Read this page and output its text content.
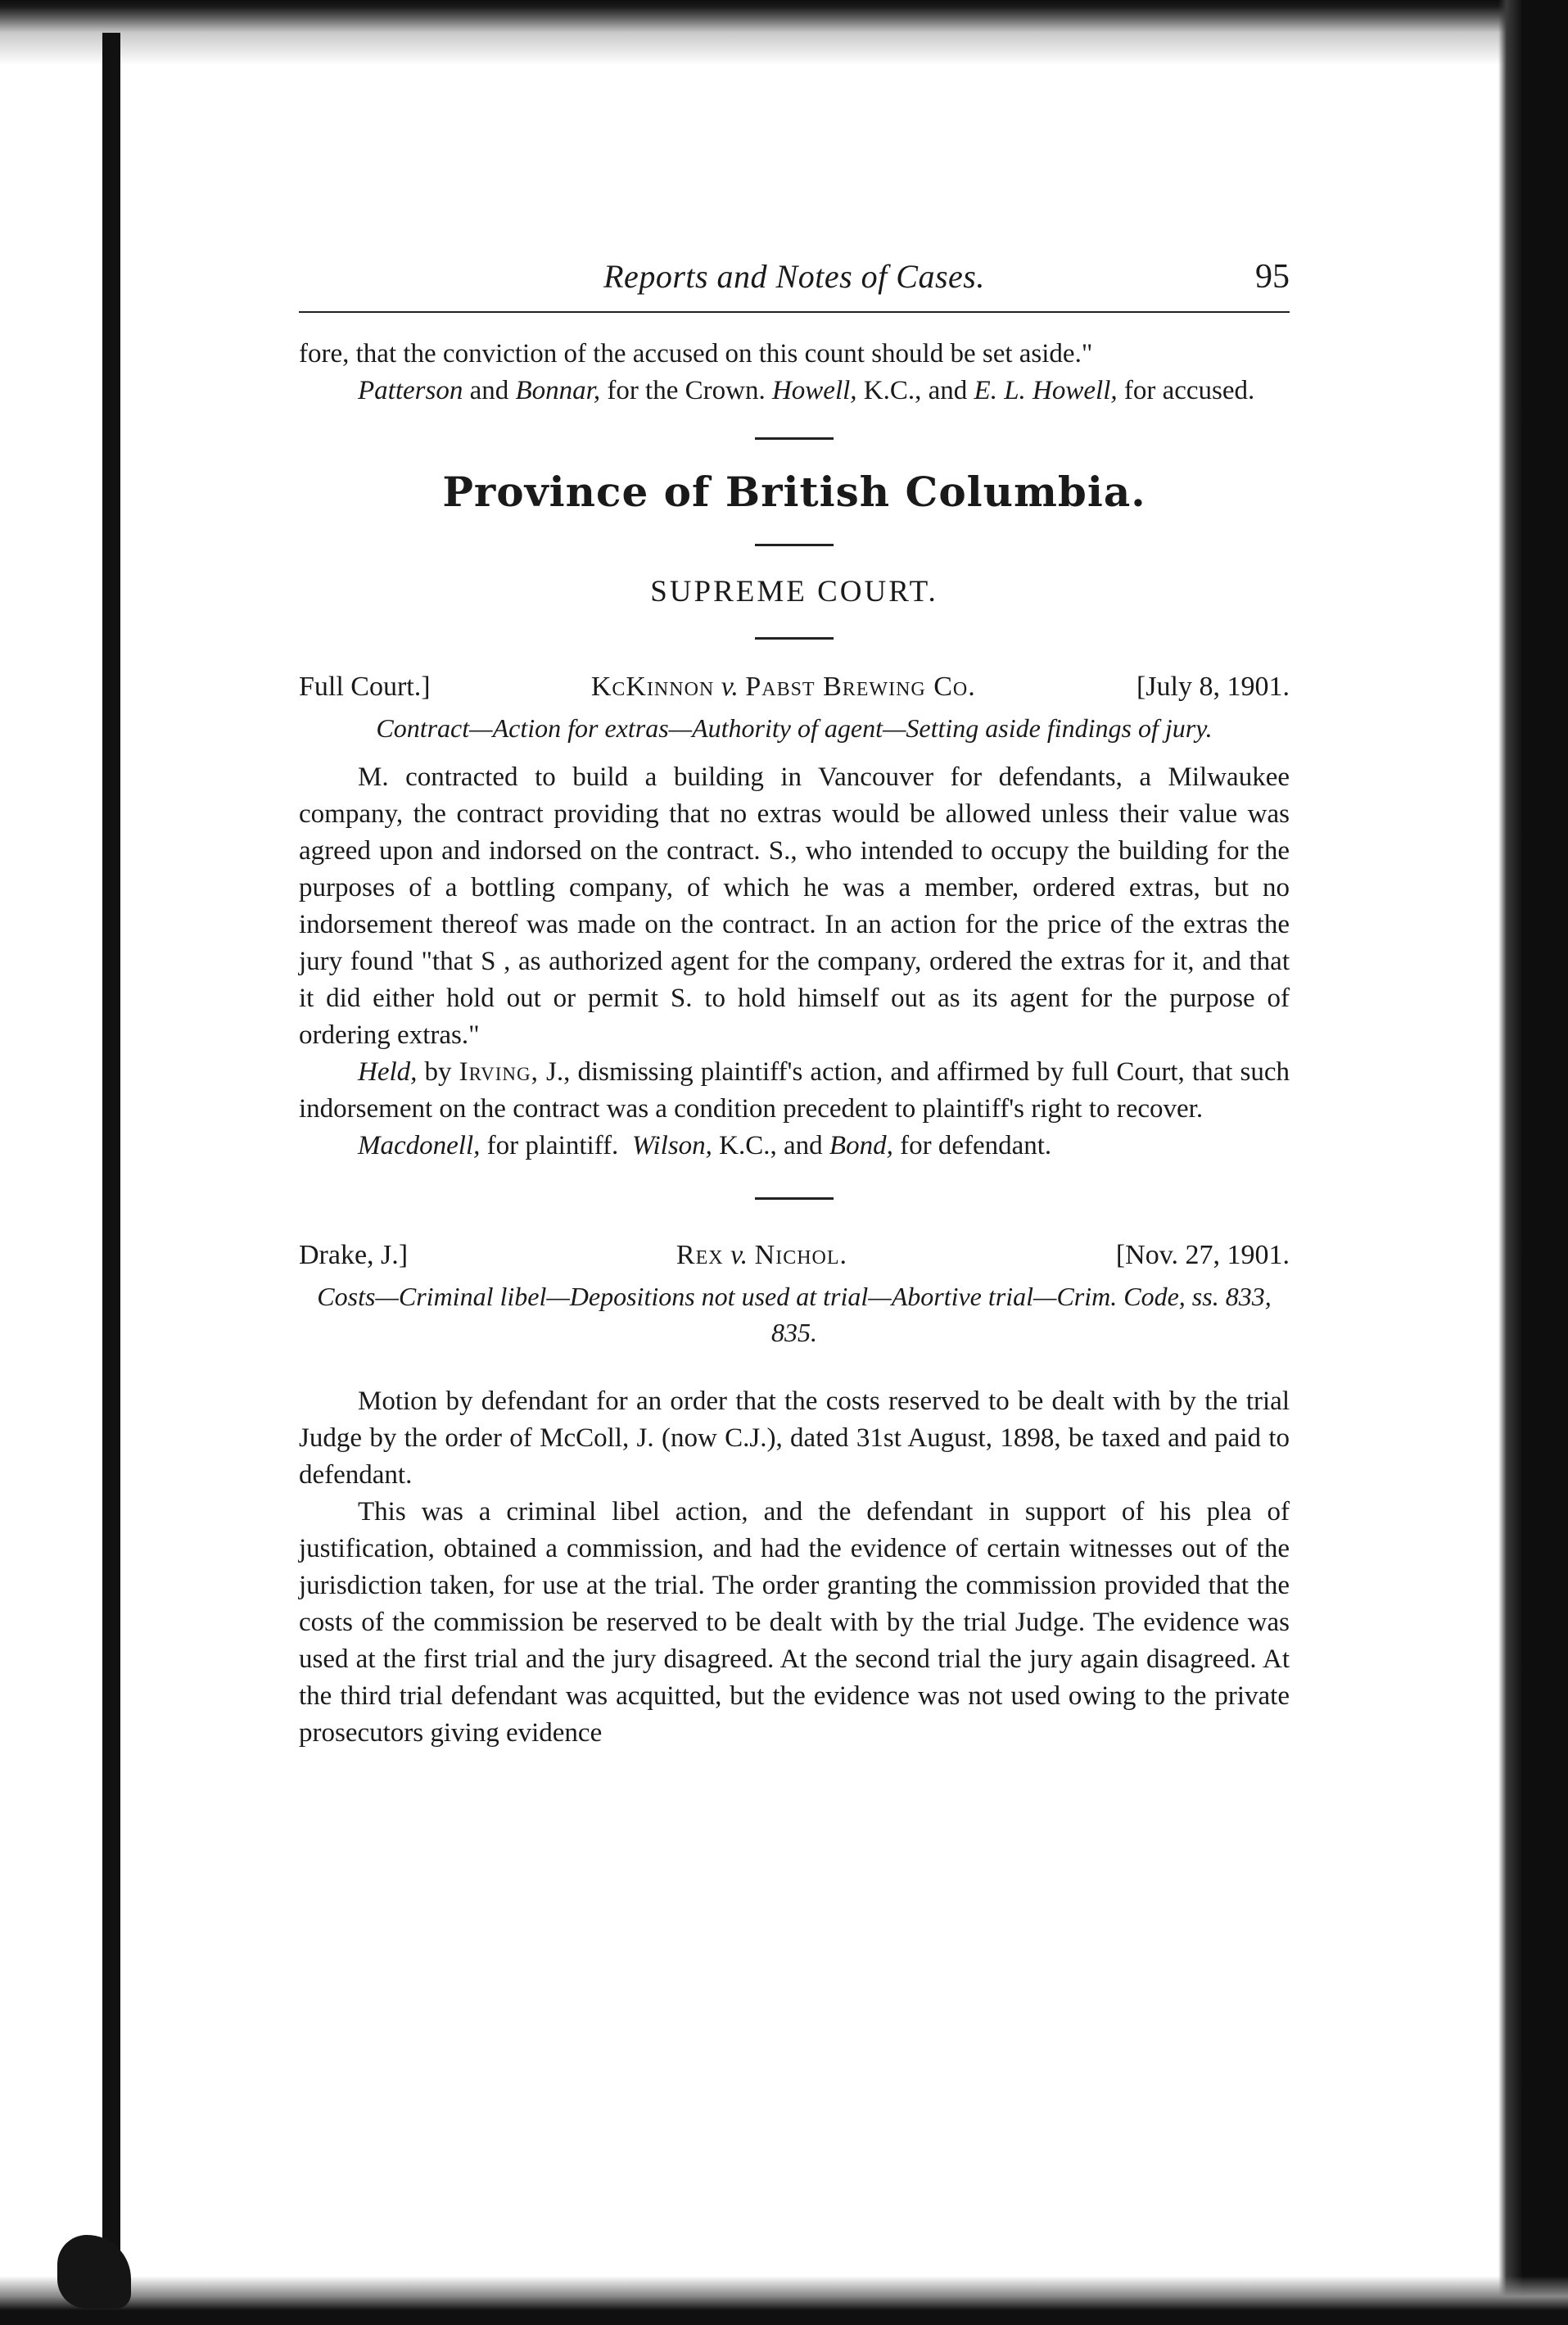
Reports and Notes of Cases.	95

fore, that the conviction of the accused on this count should be set aside."
Patterson and Bonnar, for the Crown. Howell, K.C., and E. L. Howell, for accused.

Province of British Columbia.
SUPREME COURT.
Full Court.]	KcKinnon v. Pabst Brewing Co.	[July 8, 1901.
Contract—Action for extras—Authority of agent—Setting aside findings of jury.

M. contracted to build a building in Vancouver for defendants, a Milwaukee company, the contract providing that no extras would be allowed unless their value was agreed upon and indorsed on the contract. S., who intended to occupy the building for the purposes of a bottling company, of which he was a member, ordered extras, but no indorsement thereof was made on the contract. In an action for the price of the extras the jury found "that S , as authorized agent for the company, ordered the extras for it, and that it did either hold out or permit S. to hold himself out as its agent for the purpose of ordering extras."

Held, by Irving, J., dismissing plaintiff's action, and affirmed by full Court, that such indorsement on the contract was a condition precedent to plaintiff's right to recover.

Macdonell, for plaintiff. Wilson, K.C., and Bond, for defendant.

Drake, J.]	Rex v. Nichol.	[Nov. 27, 1901.
Costs—Criminal libel—Depositions not used at trial—Abortive trial—Crim. Code, ss. 833, 835.

Motion by defendant for an order that the costs reserved to be dealt with by the trial Judge by the order of McColl, J. (now C.J.), dated 31st August, 1898, be taxed and paid to defendant.

This was a criminal libel action, and the defendant in support of his plea of justification, obtained a commission, and had the evidence of certain witnesses out of the jurisdiction taken, for use at the trial. The order granting the commission provided that the costs of the commission be reserved to be dealt with by the trial Judge. The evidence was used at the first trial and the jury disagreed. At the second trial the jury again disagreed. At the third trial defendant was acquitted, but the evidence was not used owing to the private prosecutors giving evidence
